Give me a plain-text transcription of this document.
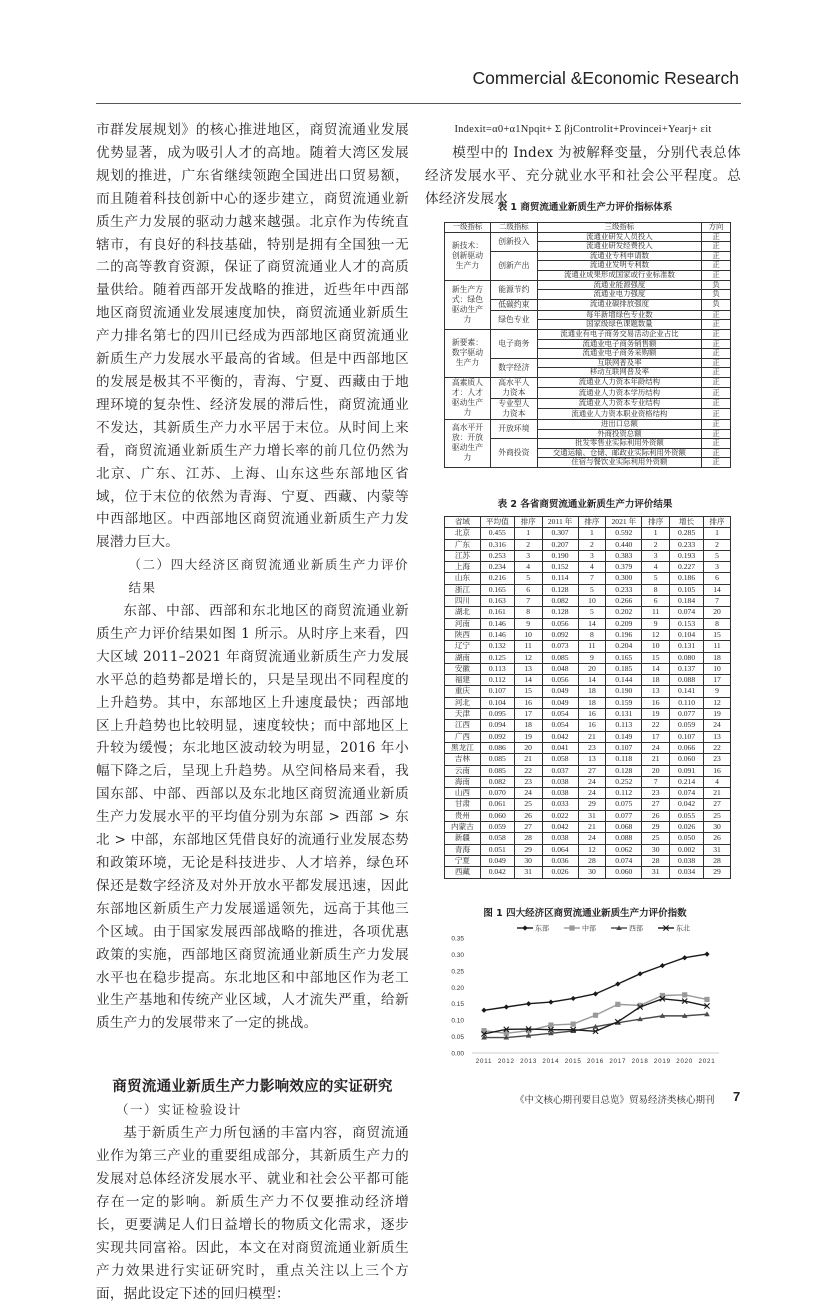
Commercial &Economic Research

市群发展规划》的核心推进地区，商贸流通业发展优势显著，成为吸引人才的高地。随着大湾区发展规划的推进，广东省继续领跑全国进出口贸易额，而且随着科技创新中心的逐步建立，商贸流通业新质生产力发展的驱动力越来越强。北京作为传统直辖市，有良好的科技基础，特别是拥有全国独一无二的高等教育资源，保证了商贸流通业人才的高质量供给。随着西部开发战略的推进，近些年中西部地区商贸流通业发展速度加快，商贸流通业新质生产力排名第七的四川已经成为西部地区商贸流通业新质生产力发展水平最高的省域。但是中西部地区的发展是极其不平衡的，青海、宁夏、西藏由于地理环境的复杂性、经济发展的滞后性，商贸流通业不发达，其新质生产力水平居于末位。从时间上来看，商贸流通业新质生产力增长率的前几位仍然为北京、广东、江苏、上海、山东这些东部地区省域，位于末位的依然为青海、宁夏、西藏、内蒙等中西部地区。中西部地区商贸流通业新质生产力发展潜力巨大。

（二）四大经济区商贸流通业新质生产力评价结果

东部、中部、西部和东北地区的商贸流通业新质生产力评价结果如图 1 所示。从时序上来看，四大区域 2011–2021 年商贸流通业新质生产力发展水平总的趋势都是增长的，只是呈现出不同程度的上升趋势。其中，东部地区上升速度最快；西部地区上升趋势也比较明显，速度较快；而中部地区上升较为缓慢；东北地区波动较为明显，2016 年小幅下降之后，呈现上升趋势。从空间格局来看，我国东部、中部、西部以及东北地区商贸流通业新质生产力发展水平的平均值分别为东部 > 西部 > 东北 > 中部，东部地区凭借良好的流通行业发展态势和政策环境，无论是科技进步、人才培养，绿色环保还是数字经济及对外开放水平都发展迅速，因此东部地区新质生产力发展遥遥领先，远高于其他三个区域。由于国家发展西部战略的推进，各项优惠政策的实施，西部地区商贸流通业新质生产力发展水平也在稳步提高。东北地区和中部地区作为老工业生产基地和传统产业区域，人才流失严重，给新质生产力的发展带来了一定的挑战。

商贸流通业新质生产力影响效应的实证研究

（一）实证检验设计

基于新质生产力所包涵的丰富内容，商贸流通业作为第三产业的重要组成部分，其新质生产力的发展对总体经济发展水平、就业和社会公平都可能存在一定的影响。新质生产力不仅要推动经济增长，更要满足人们日益增长的物质文化需求，逐步实现共同富裕。因此，本文在对商贸流通业新质生产力效果进行实证研究时，重点关注以上三个方面，据此设定下述的回归模型：

Indexit=α0+α1Npqit+ Σ βjControlit+Provincei+Yearj+ εit

模型中的 Index 为被解释变量，分别代表总体经济发展水平、充分就业水平和社会公平程度。总体经济发展水

表 1 商贸流通业新质生产力评价指标体系
一级指标	二级指标	三级指标	方向
新技术：创新驱动生产力	创新投入	流通业研发人员投入	正
		流通业研发经费投入	正
	创新产出	流通业专利申请数	正
		流通业发明专利数	正
		流通业成果形成国家或行业标准数	正
新生产方式：绿色驱动生产力	能源节约	流通业能源强度	负
		流通业电力强度	负
	低碳约束	流通业碳排放强度	负
	绿色专业	每年新增绿色专业数	正
		国家级绿色课题数量	正
新要素：数字驱动生产力	电子商务	流通业有电子商务交易活动企业占比	正
		流通业电子商务销售额	正
		流通业电子商务采购额	正
	数字经济	互联网普及率	正
		移动互联网普及率	正
高素质人才：人才驱动生产力	高水平人力资本	流通业人力资本年龄结构	正
		流通业人力资本学历结构	正
	专业型人力资本	流通业人力资本专业结构	正
		流通业人力资本职业资格结构	正
高水平开放：开放驱动生产力	开放环境	进出口总额	正
		外商投资总额	正
	外商投资	批发零售业实际利用外资额	正
		交通运输、仓储、邮政业实际利用外资额	正
		住宿与餐饮业实际利用外资额	正
表 2 各省商贸流通业新质生产力评价结果
省域	平均值	排序	2011 年	排序	2021 年	排序	增长	排序
北京	0.455	1	0.307	1	0.592	1	0.285	1
广东	0.316	2	0.207	2	0.440	2	0.233	2
江苏	0.253	3	0.190	3	0.383	3	0.193	5
上海	0.234	4	0.152	4	0.379	4	0.227	3
山东	0.216	5	0.114	7	0.300	5	0.186	6
浙江	0.165	6	0.128	5	0.233	8	0.105	14
四川	0.163	7	0.082	10	0.266	6	0.184	7
湖北	0.161	8	0.128	5	0.202	11	0.074	20
河南	0.146	9	0.056	14	0.209	9	0.153	8
陕西	0.146	10	0.092	8	0.196	12	0.104	15
辽宁	0.132	11	0.073	11	0.204	10	0.131	11
湖南	0.125	12	0.085	9	0.165	15	0.080	18
安徽	0.113	13	0.048	20	0.185	14	0.137	10
福建	0.112	14	0.056	14	0.144	18	0.088	17
重庆	0.107	15	0.049	18	0.190	13	0.141	9
河北	0.104	16	0.049	18	0.159	16	0.110	12
天津	0.095	17	0.054	16	0.131	19	0.077	19
江西	0.094	18	0.054	16	0.113	22	0.059	24
广西	0.092	19	0.042	21	0.149	17	0.107	13
黑龙江	0.086	20	0.041	23	0.107	24	0.066	22
吉林	0.085	21	0.058	13	0.118	21	0.060	23
云南	0.085	22	0.037	27	0.128	20	0.091	16
海南	0.082	23	0.038	24	0.252	7	0.214	4
山西	0.070	24	0.038	24	0.112	23	0.074	21
甘肃	0.061	25	0.033	29	0.075	27	0.042	27
贵州	0.060	26	0.022	31	0.077	26	0.055	25
内蒙古	0.059	27	0.042	21	0.068	29	0.026	30
新疆	0.058	28	0.038	24	0.088	25	0.050	26
青海	0.051	29	0.064	12	0.062	30	0.002	31
宁夏	0.049	30	0.036	28	0.074	28	0.038	28
西藏	0.042	31	0.026	30	0.060	31	0.034	29
图 1 四大经济区商贸流通业新质生产力评价指数
0.00
0.05
0.10
0.15
0.20
0.25
0.30
0.35
2011 2012 2013 2014 2015 2016 2017 2018 2019 2020 2021
东部	中部	西部	东北
《中文核心期刊要目总览》贸易经济类核心期刊 7
